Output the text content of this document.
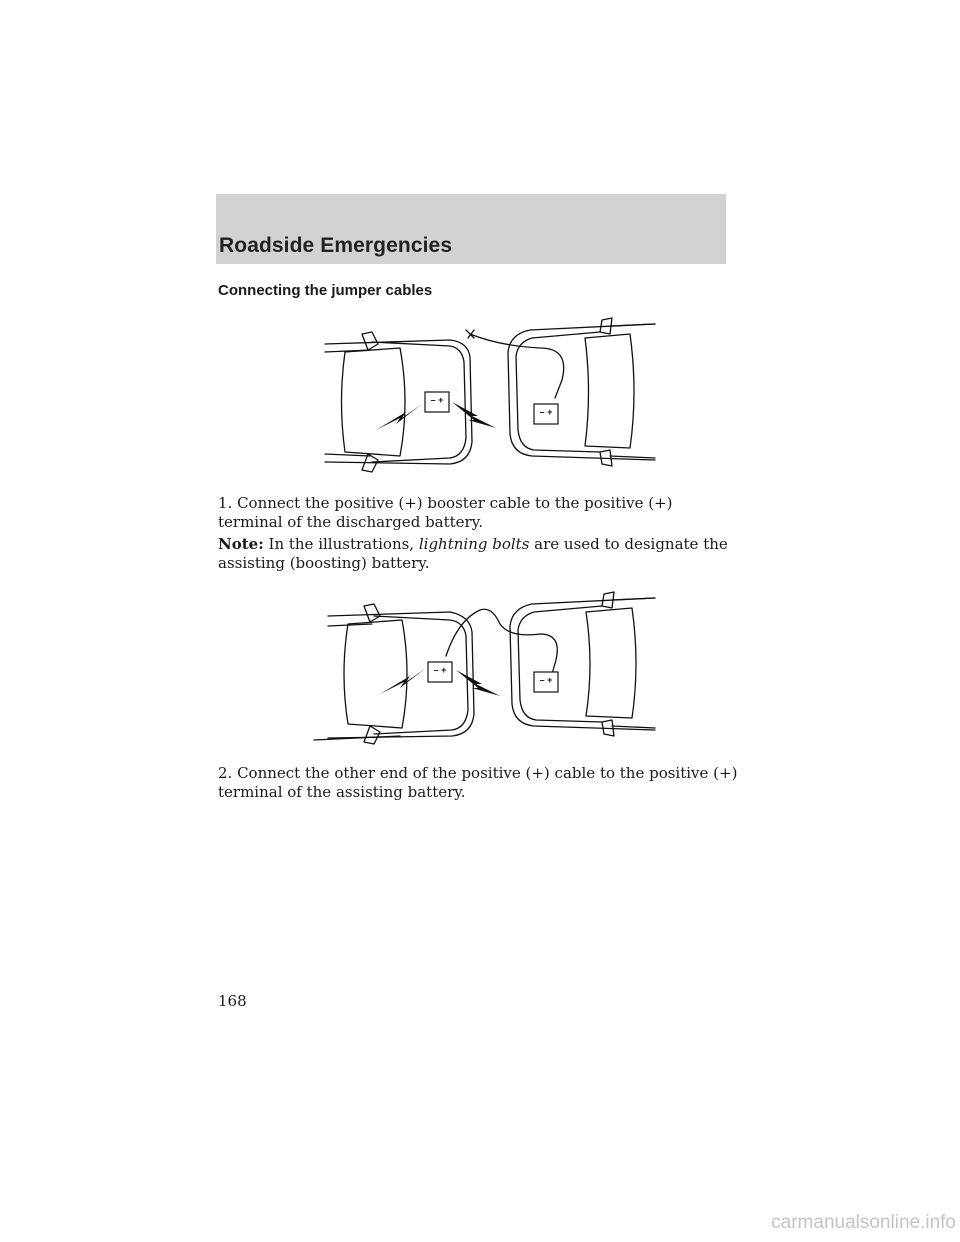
Roadside Emergencies
Connecting the jumper cables
– +
– +
1. Connect the positive (+) booster cable to the positive (+) terminal of the discharged battery.
Note: In the illustrations, lightning bolts are used to designate the assisting (boosting) battery.
– +
– +
2. Connect the other end of the positive (+) cable to the positive (+) terminal of the assisting battery.
168
carmanualsonline.info
